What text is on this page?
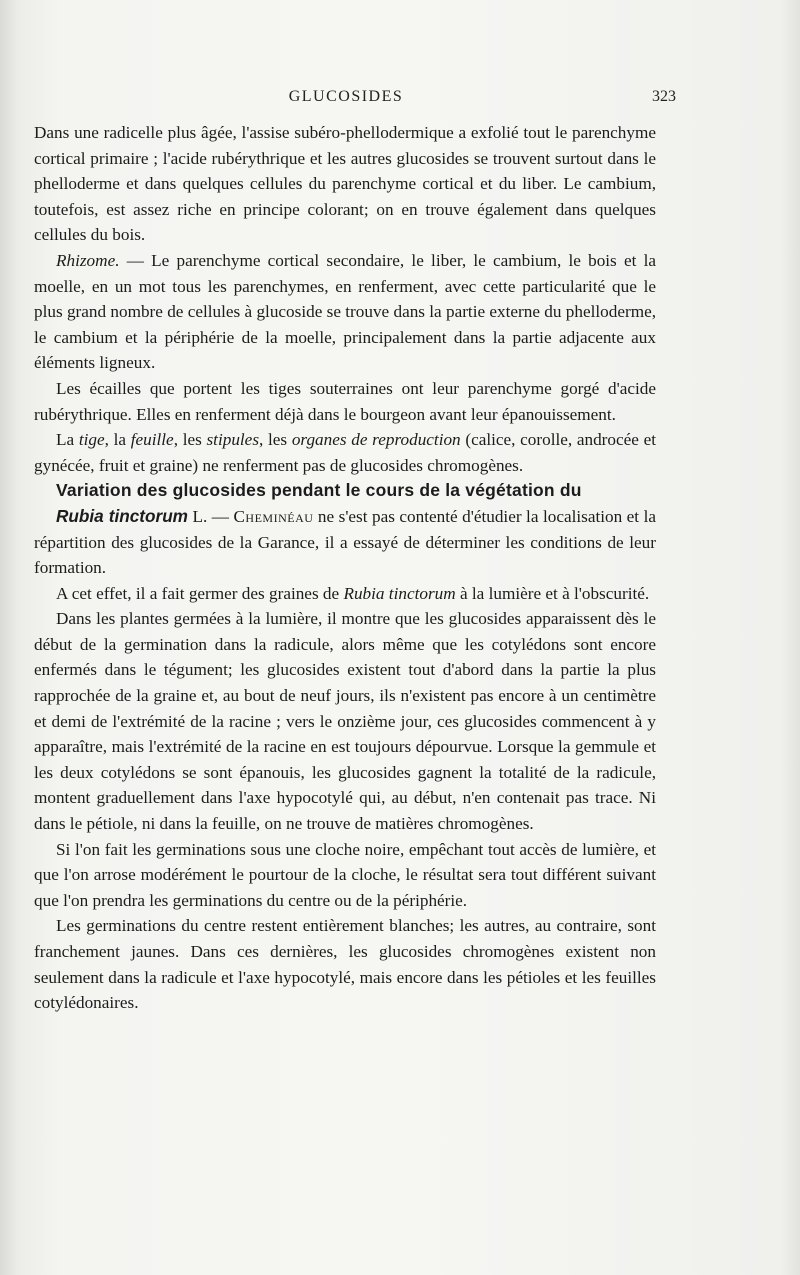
GLUCOSIDES	323

Dans une radicelle plus âgée, l'assise subéro-phellodermique a exfolié tout le parenchyme cortical primaire ; l'acide rubérythrique et les autres glucosides se trouvent surtout dans le phelloderme et dans quelques cellules du parenchyme cortical et du liber. Le cambium, toutefois, est assez riche en principe colorant; on en trouve également dans quelques cellules du bois.

Rhizome. — Le parenchyme cortical secondaire, le liber, le cambium, le bois et la moelle, en un mot tous les parenchymes, en renferment, avec cette particularité que le plus grand nombre de cellules à glucoside se trouve dans la partie externe du phelloderme, le cambium et la périphérie de la moelle, principalement dans la partie adjacente aux éléments ligneux.

Les écailles que portent les tiges souterraines ont leur parenchyme gorgé d'acide rubérythrique. Elles en renferment déjà dans le bourgeon avant leur épanouissement.

La tige, la feuille, les stipules, les organes de reproduction (calice, corolle, androcée et gynécée, fruit et graine) ne renferment pas de glucosides chromogènes.

Variation des glucosides pendant le cours de la végétation du

Rubia tinctorum L. — Cheminéau ne s'est pas contenté d'étudier la localisation et la répartition des glucosides de la Garance, il a essayé de déterminer les conditions de leur formation.

A cet effet, il a fait germer des graines de Rubia tinctorum à la lumière et à l'obscurité.

Dans les plantes germées à la lumière, il montre que les glucosides apparaissent dès le début de la germination dans la radicule, alors même que les cotylédons sont encore enfermés dans le tégument; les glucosides existent tout d'abord dans la partie la plus rapprochée de la graine et, au bout de neuf jours, ils n'existent pas encore à un centimètre et demi de l'extrémité de la racine ; vers le onzième jour, ces glucosides commencent à y apparaître, mais l'extrémité de la racine en est toujours dépourvue. Lorsque la gemmule et les deux cotylédons se sont épanouis, les glucosides gagnent la totalité de la radicule, montent graduellement dans l'axe hypocotylé qui, au début, n'en contenait pas trace. Ni dans le pétiole, ni dans la feuille, on ne trouve de matières chromogènes.

Si l'on fait les germinations sous une cloche noire, empêchant tout accès de lumière, et que l'on arrose modérément le pourtour de la cloche, le résultat sera tout différent suivant que l'on prendra les germinations du centre ou de la périphérie.

Les germinations du centre restent entièrement blanches; les autres, au contraire, sont franchement jaunes. Dans ces dernières, les glucosides chromogènes existent non seulement dans la radicule et l'axe hypocotylé, mais encore dans les pétioles et les feuilles cotylédonaires.
